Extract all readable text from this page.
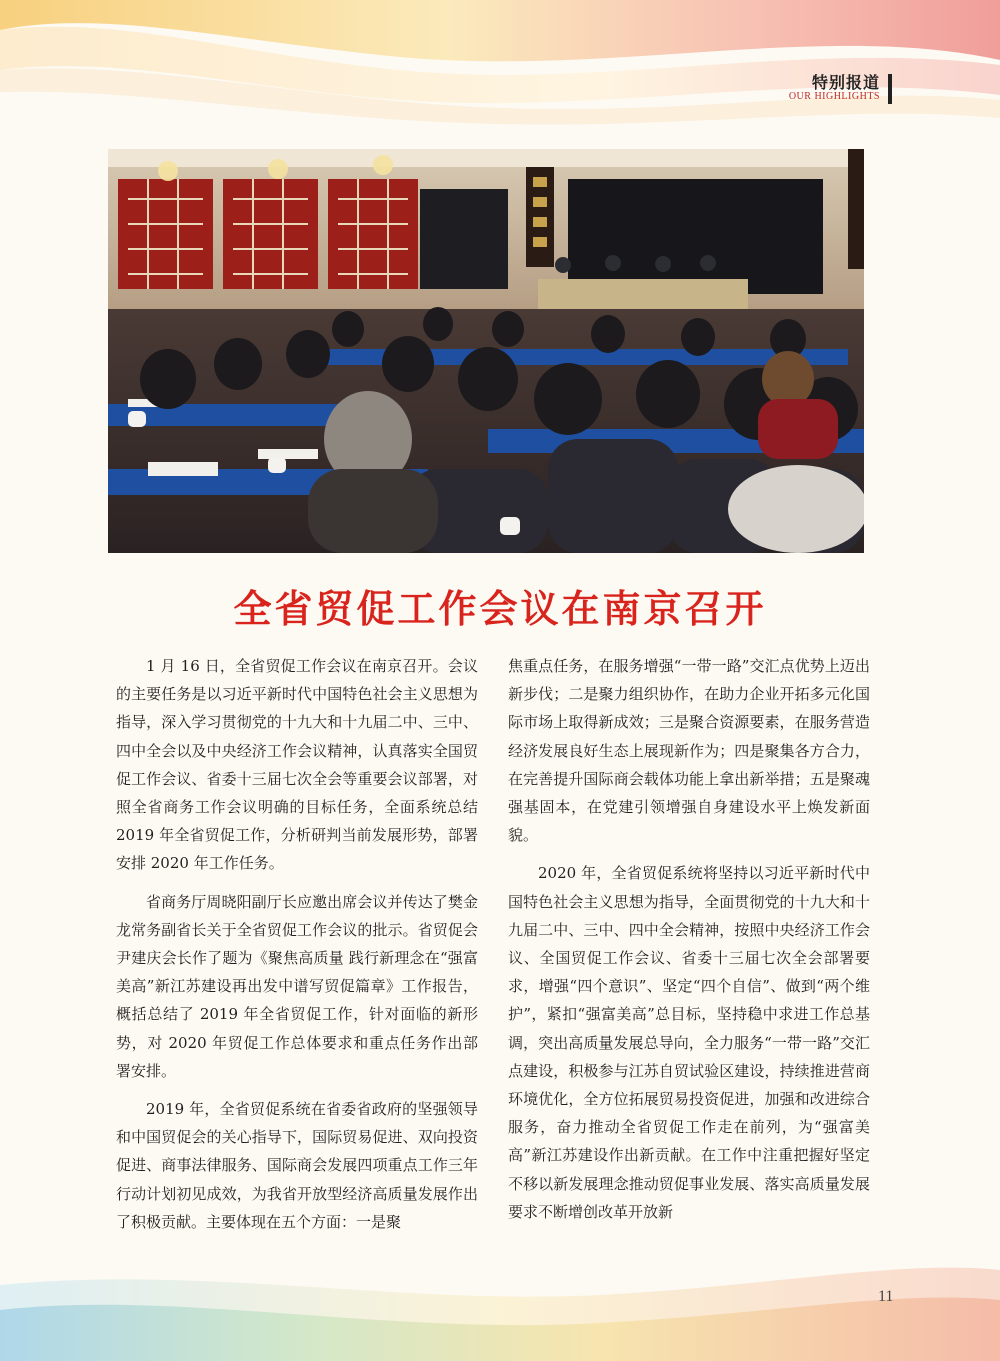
特别报道
OUR HIGHLIGHTS
全省贸促工作会议在南京召开

1 月 16 日，全省贸促工作会议在南京召开。会议的主要任务是以习近平新时代中国特色社会主义思想为指导，深入学习贯彻党的十九大和十九届二中、三中、四中全会以及中央经济工作会议精神，认真落实全国贸促工作会议、省委十三届七次全会等重要会议部署，对照全省商务工作会议明确的目标任务，全面系统总结 2019 年全省贸促工作，分析研判当前发展形势，部署安排 2020 年工作任务。

省商务厅周晓阳副厅长应邀出席会议并传达了樊金龙常务副省长关于全省贸促工作会议的批示。省贸促会尹建庆会长作了题为《聚焦高质量 践行新理念在“强富美高”新江苏建设再出发中谱写贸促篇章》工作报告，概括总结了 2019 年全省贸促工作，针对面临的新形势，对 2020 年贸促工作总体要求和重点任务作出部署安排。

2019 年，全省贸促系统在省委省政府的坚强领导和中国贸促会的关心指导下，国际贸易促进、双向投资促进、商事法律服务、国际商会发展四项重点工作三年行动计划初见成效，为我省开放型经济高质量发展作出了积极贡献。主要体现在五个方面：一是聚

焦重点任务，在服务增强“一带一路”交汇点优势上迈出新步伐；二是聚力组织协作，在助力企业开拓多元化国际市场上取得新成效；三是聚合资源要素，在服务营造经济发展良好生态上展现新作为；四是聚集各方合力，在完善提升国际商会载体功能上拿出新举措；五是聚魂强基固本，在党建引领增强自身建设水平上焕发新面貌。

2020 年，全省贸促系统将坚持以习近平新时代中国特色社会主义思想为指导，全面贯彻党的十九大和十九届二中、三中、四中全会精神，按照中央经济工作会议、全国贸促工作会议、省委十三届七次全会部署要求，增强“四个意识”、坚定“四个自信”、做到“两个维护”，紧扣“强富美高”总目标，坚持稳中求进工作总基调，突出高质量发展总导向，全力服务“一带一路”交汇点建设，积极参与江苏自贸试验区建设，持续推进营商环境优化，全方位拓展贸易投资促进，加强和改进综合服务，奋力推动全省贸促工作走在前列，为“强富美高”新江苏建设作出新贡献。在工作中注重把握好坚定不移以新发展理念推动贸促事业发展、落实高质量发展要求不断增创改革开放新

11
